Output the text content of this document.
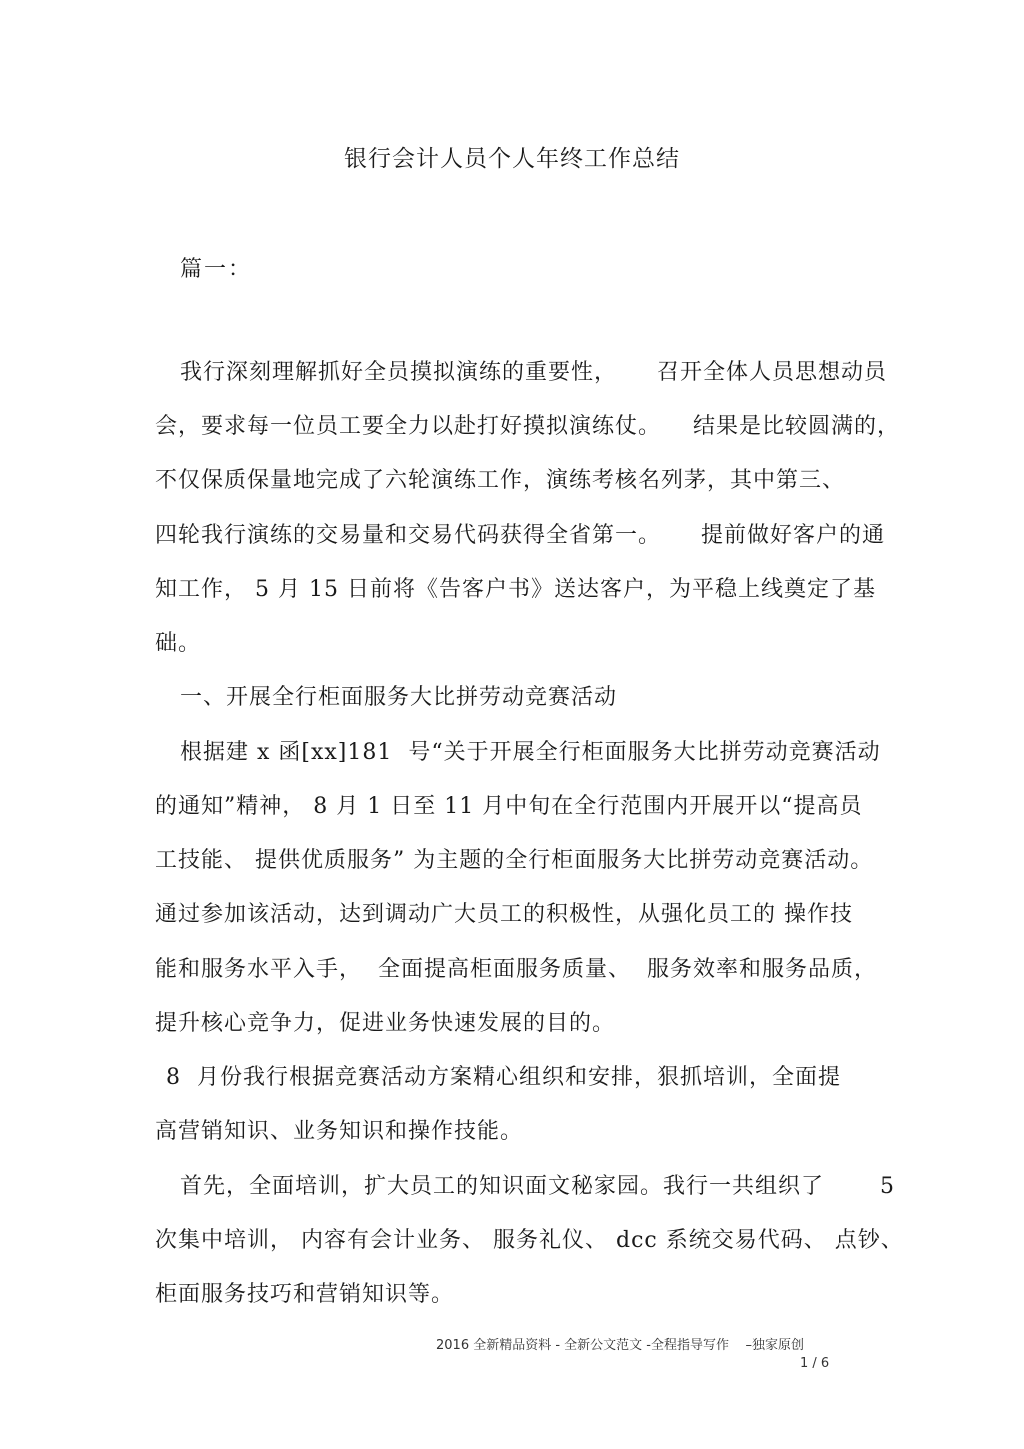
银行会计人员个人年终工作总结
篇一：
我行深刻理解抓好全员摸拟演练的重要性，     召开全体人员思想动员
会，要求每一位员工要全力以赴打好摸拟演练仗。    结果是比较圆满的，
不仅保质保量地完成了六轮演练工作，演练考核名列茅，其中第三、
四轮我行演练的交易量和交易代码获得全省第一。     提前做好客户的通
知工作， 5 月 15 日前将《告客户书》送达客户，为平稳上线奠定了基
础。
一、开展全行柜面服务大比拼劳动竞赛活动
根据建 x 函[xx]181  号“关于开展全行柜面服务大比拼劳动竞赛活动
的通知”精神， 8 月 1 日至 11 月中旬在全行范围内开展开以“提高员
工技能、 提供优质服务” 为主题的全行柜面服务大比拼劳动竞赛活动。
通过参加该活动，达到调动广大员工的积极性，从强化员工的 操作技
能和服务水平入手，  全面提高柜面服务质量、  服务效率和服务品质，
提升核心竞争力，促进业务快速发展的目的。
8  月份我行根据竞赛活动方案精心组织和安排，狠抓培训，全面提
高营销知识、业务知识和操作技能。
首先，全面培训，扩大员工的知识面文秘家园。我行一共组织了       5
次集中培训， 内容有会计业务、 服务礼仪、 dcc 系统交易代码、 点钞、
柜面服务技巧和营销知识等。
2016 全新精品资料 - 全新公文范文 -全程指导写作    –独家原创
1 / 6
